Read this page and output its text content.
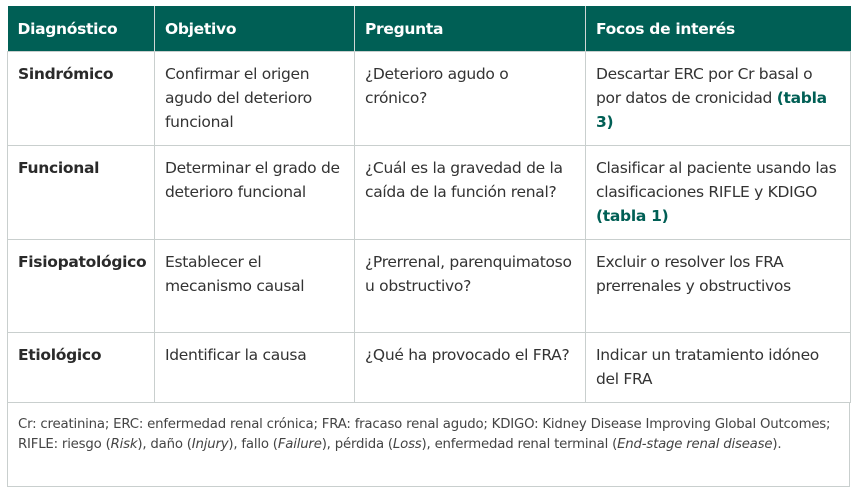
Diagnóstico	Objetivo	Pregunta	Focos de interés
Sindrómico	Confirmar el origen agudo del deterioro funcional	¿Deterioro agudo o crónico?	Descartar ERC por Cr basal o por datos de cronicidad (tabla 3)
Funcional	Determinar el grado de deterioro funcional	¿Cuál es la gravedad de la caída de la función renal?	Clasificar al paciente usando las clasificaciones RIFLE y KDIGO (tabla 1)
Fisiopatológico	Establecer el mecanismo causal	¿Prerrenal, parenquimatoso u obstructivo?	Excluir o resolver los FRA prerrenales y obstructivos
Etiológico	Identificar la causa	¿Qué ha provocado el FRA?	Indicar un tratamiento idóneo del FRA
Cr: creatinina; ERC: enfermedad renal crónica; FRA: fracaso renal agudo; KDIGO: Kidney Disease Improving Global Outcomes; RIFLE: riesgo (Risk), daño (Injury), fallo (Failure), pérdida (Loss), enfermedad renal terminal (End-stage renal disease).
